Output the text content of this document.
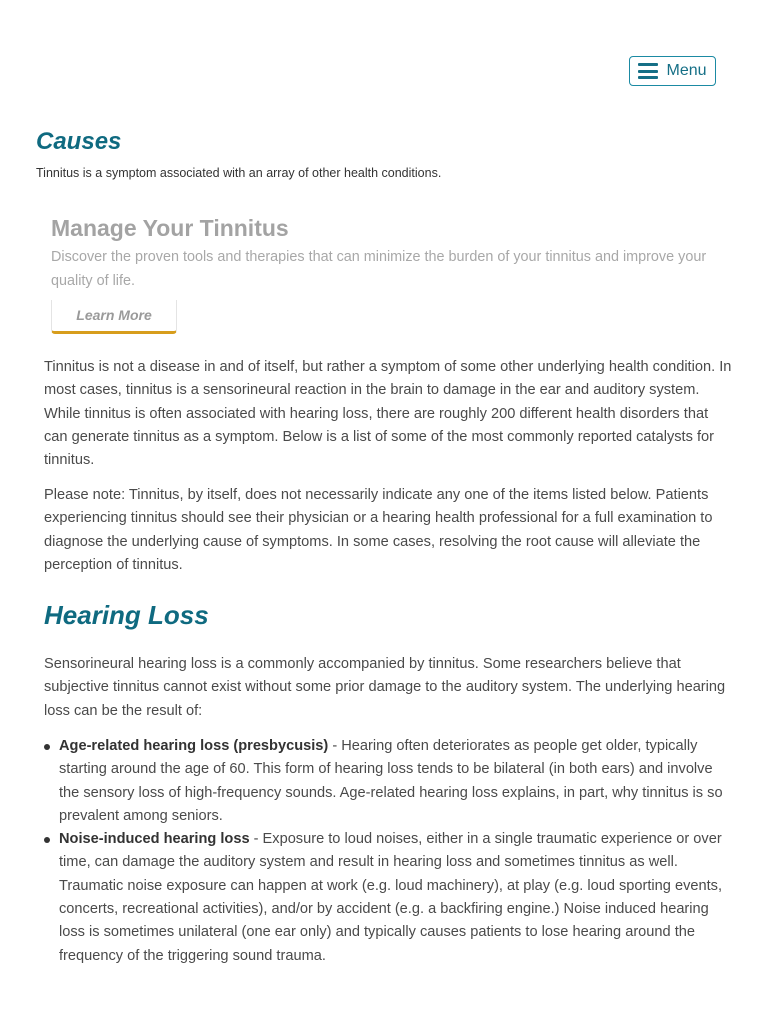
Menu
Causes

Tinnitus is a symptom associated with an array of other health conditions.

Manage Your Tinnitus

Discover the proven tools and therapies that can minimize the burden of your tinnitus and improve your quality of life.

Learn More

Tinnitus is not a disease in and of itself, but rather a symptom of some other underlying health condition. In most cases, tinnitus is a sensorineural reaction in the brain to damage in the ear and auditory system. While tinnitus is often associated with hearing loss, there are roughly 200 different health disorders that can generate tinnitus as a symptom. Below is a list of some of the most commonly reported catalysts for tinnitus.

Please note: Tinnitus, by itself, does not necessarily indicate any one of the items listed below. Patients experiencing tinnitus should see their physician or a hearing health professional for a full examination to diagnose the underlying cause of symptoms. In some cases, resolving the root cause will alleviate the perception of tinnitus.

Hearing Loss

Sensorineural hearing loss is a commonly accompanied by tinnitus. Some researchers believe that subjective tinnitus cannot exist without some prior damage to the auditory system. The underlying hearing loss can be the result of:

Age-related hearing loss (presbycusis) - Hearing often deteriorates as people get older, typically starting around the age of 60. This form of hearing loss tends to be bilateral (in both ears) and involve the sensory loss of high-frequency sounds. Age-related hearing loss explains, in part, why tinnitus is so prevalent among seniors.
Noise-induced hearing loss - Exposure to loud noises, either in a single traumatic experience or over time, can damage the auditory system and result in hearing loss and sometimes tinnitus as well. Traumatic noise exposure can happen at work (e.g. loud machinery), at play (e.g. loud sporting events, concerts, recreational activities), and/or by accident (e.g. a backfiring engine.) Noise induced hearing loss is sometimes unilateral (one ear only) and typically causes patients to lose hearing around the frequency of the triggering sound trauma.
